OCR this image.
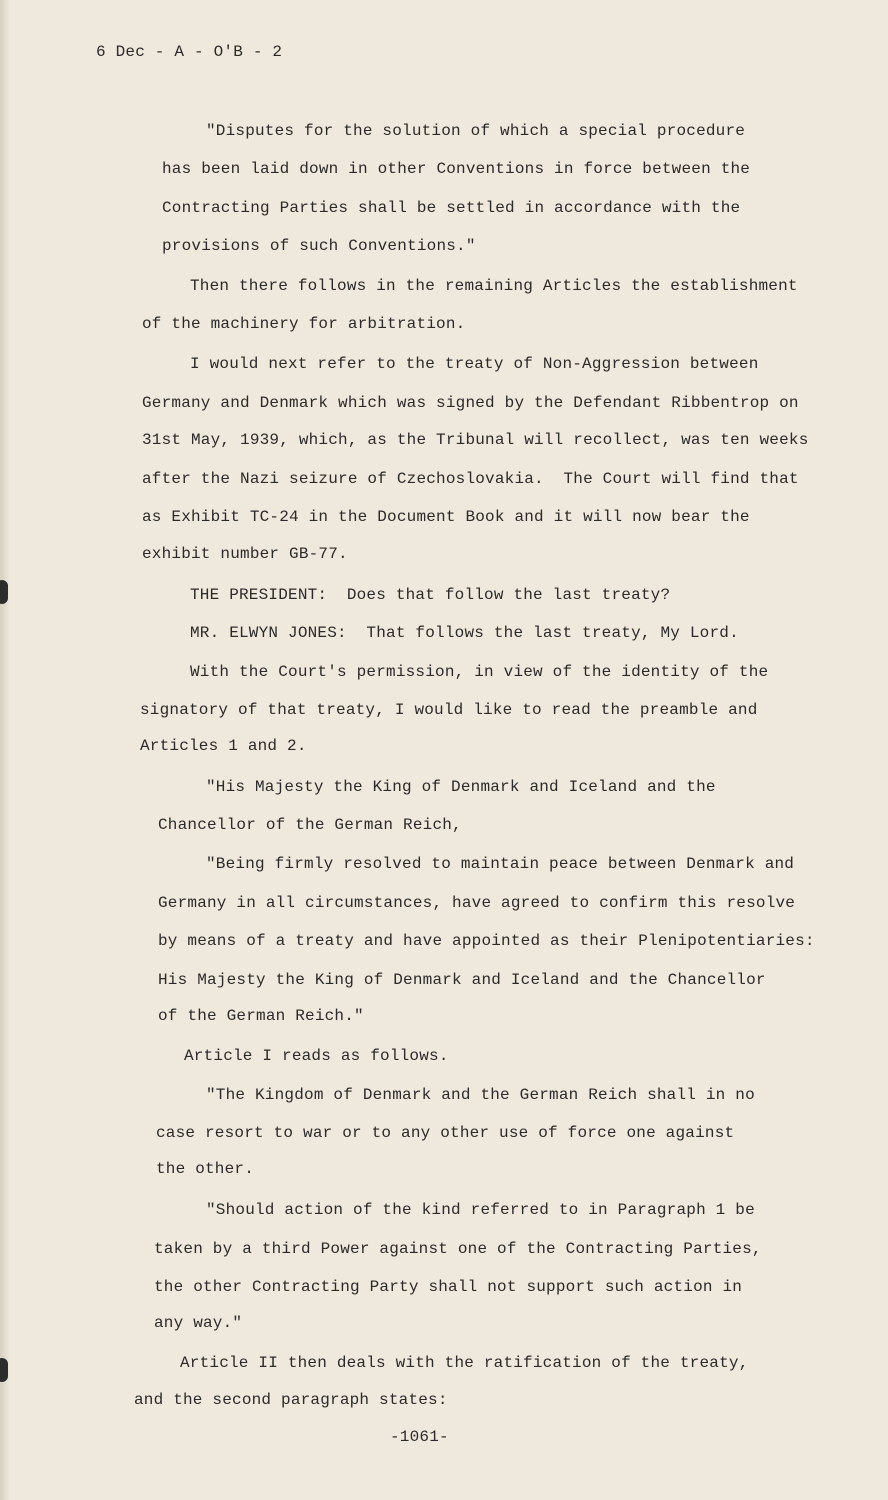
6 Dec - A - O'B - 2
"Disputes for the solution of which a special procedure
has been laid down in other Conventions in force between the
Contracting Parties shall be settled in accordance with the
provisions of such Conventions."
Then there follows in the remaining Articles the establishment
of the machinery for arbitration.
I would next refer to the treaty of Non-Aggression between
Germany and Denmark which was signed by the Defendant Ribbentrop on
31st May, 1939, which, as the Tribunal will recollect, was ten weeks
after the Nazi seizure of Czechoslovakia.  The Court will find that
as Exhibit TC-24 in the Document Book and it will now bear the
exhibit number GB-77.
THE PRESIDENT:  Does that follow the last treaty?
MR. ELWYN JONES:  That follows the last treaty, My Lord.
With the Court's permission, in view of the identity of the
signatory of that treaty, I would like to read the preamble and
Articles 1 and 2.
"His Majesty the King of Denmark and Iceland and the
Chancellor of the German Reich,
"Being firmly resolved to maintain peace between Denmark and
Germany in all circumstances, have agreed to confirm this resolve
by means of a treaty and have appointed as their Plenipotentiaries:
His Majesty the King of Denmark and Iceland and the Chancellor
of the German Reich."
Article I reads as follows.
"The Kingdom of Denmark and the German Reich shall in no
case resort to war or to any other use of force one against
the other.
"Should action of the kind referred to in Paragraph 1 be
taken by a third Power against one of the Contracting Parties,
the other Contracting Party shall not support such action in
any way."
Article II then deals with the ratification of the treaty,
and the second paragraph states:
-1061-
